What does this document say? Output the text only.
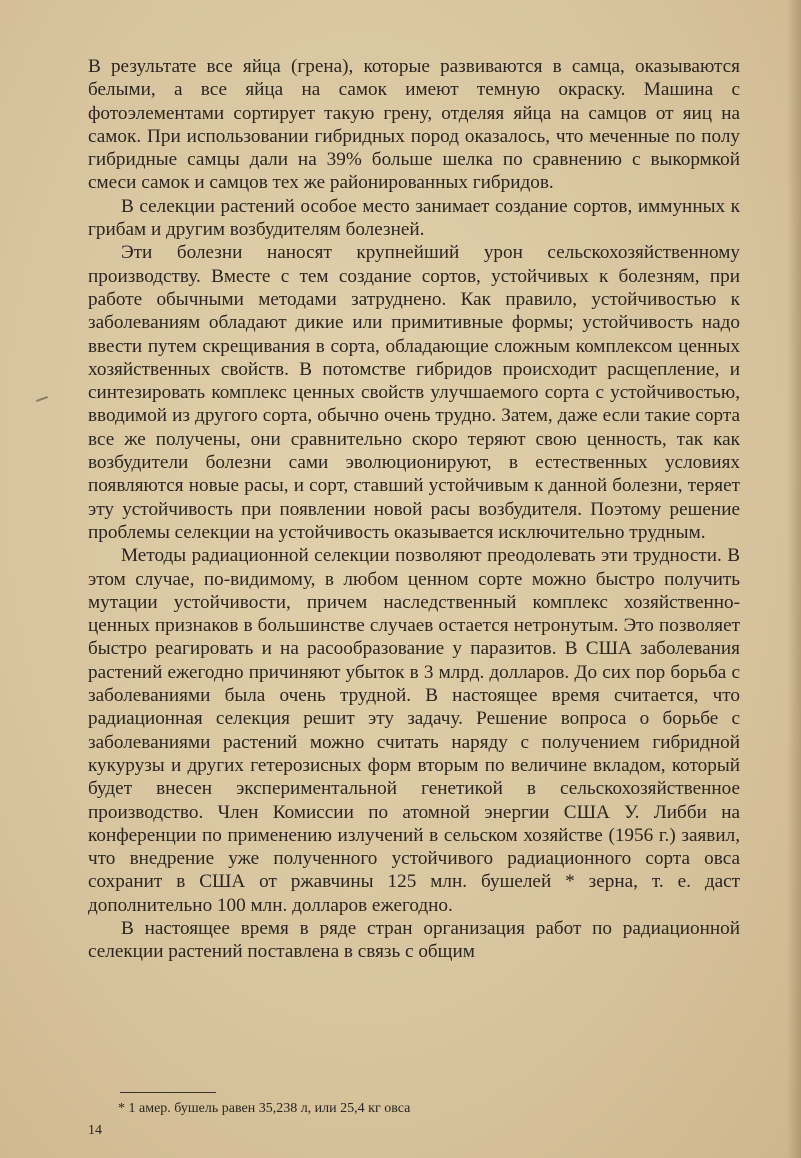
В результате все яйца (грена), которые развиваются в самца, оказываются белыми, а все яйца на самок имеют темную окраску. Машина с фотоэлементами сортирует такую грену, отделяя яйца на самцов от яиц на самок. При использовании гибридных пород оказалось, что меченные по полу гибридные самцы дали на 39% больше шелка по сравнению с выкормкой смеси самок и самцов тех же районированных гибридов.

В селекции растений особое место занимает создание сортов, иммунных к грибам и другим возбудителям болезней.

Эти болезни наносят крупнейший урон сельскохозяйственному производству. Вместе с тем создание сортов, устойчивых к болезням, при работе обычными методами затруднено. Как правило, устойчивостью к заболеваниям обладают дикие или примитивные формы; устойчивость надо ввести путем скрещивания в сорта, обладающие сложным комплексом ценных хозяйственных свойств. В потомстве гибридов происходит расщепление, и синтезировать комплекс ценных свойств улучшаемого сорта с устойчивостью, вводимой из другого сорта, обычно очень трудно. Затем, даже если такие сорта все же получены, они сравнительно скоро теряют свою ценность, так как возбудители болезни сами эволюционируют, в естественных условиях появляются новые расы, и сорт, ставший устойчивым к данной болезни, теряет эту устойчивость при появлении новой расы возбудителя. Поэтому решение проблемы селекции на устойчивость оказывается исключительно трудным.

Методы радиационной селекции позволяют преодолевать эти трудности. В этом случае, по-видимому, в любом ценном сорте можно быстро получить мутации устойчивости, причем наследственный комплекс хозяйственно-ценных признаков в большинстве случаев остается нетронутым. Это позволяет быстро реагировать и на расообразование у паразитов. В США заболевания растений ежегодно причиняют убыток в 3 млрд. долларов. До сих пор борьба с заболеваниями была очень трудной. В настоящее время считается, что радиационная селекция решит эту задачу. Решение вопроса о борьбе с заболеваниями растений можно считать наряду с получением гибридной кукурузы и других гетерозисных форм вторым по величине вкладом, который будет внесен экспериментальной генетикой в сельскохозяйственное производство. Член Комиссии по атомной энергии США У. Либби на конференции по применению излучений в сельском хозяйстве (1956 г.) заявил, что внедрение уже полученного устойчивого радиационного сорта овса сохранит в США от ржавчины 125 млн. бушелей * зерна, т. е. даст дополнительно 100 млн. долларов ежегодно.

В настоящее время в ряде стран организация работ по радиационной селекции растений поставлена в связь с общим

* 1 амер. бушель равен 35,238 л, или 25,4 кг овса
14
